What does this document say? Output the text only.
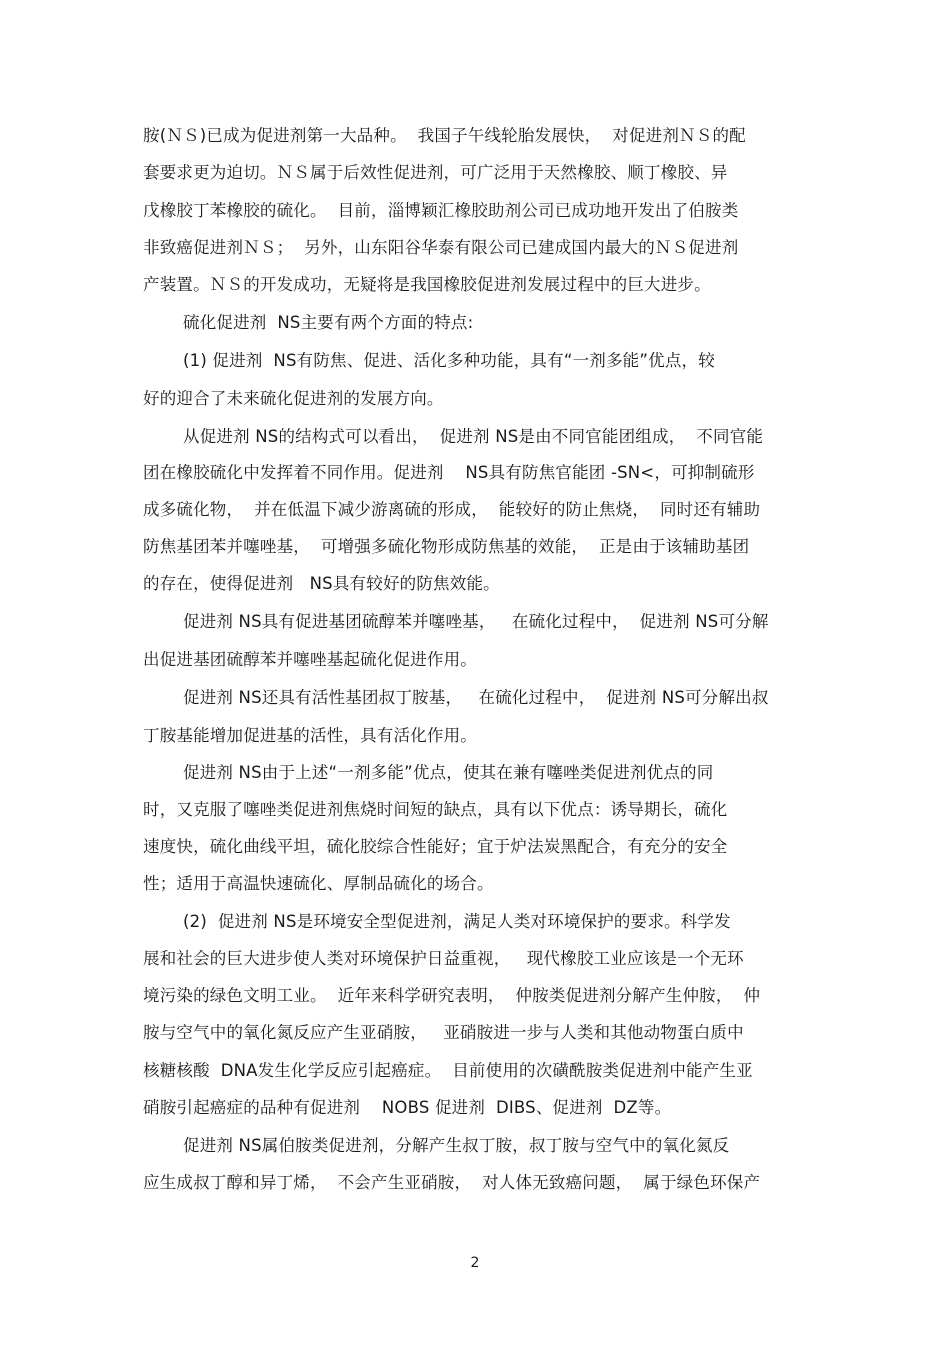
胺(ＮＳ)已成为促进剂第一大品种。  我国子午线轮胎发展快，  对促进剂ＮＳ的配

套要求更为迫切。ＮＳ属于后效性促进剂，可广泛用于天然橡胶、顺丁橡胶、异

戊橡胶丁苯橡胶的硫化。  目前，淄博颖汇橡胶助剂公司已成功地开发出了伯胺类

非致癌促进剂ＮＳ；  另外，山东阳谷华泰有限公司已建成国内最大的ＮＳ促进剂

产装置。ＮＳ的开发成功，无疑将是我国橡胶促进剂发展过程中的巨大进步。

硫化促进剂  NS主要有两个方面的特点:

(1) 促进剂  NS有防焦、促进、活化多种功能，具有“一剂多能”优点，较

好的迎合了未来硫化促进剂的发展方向。

从促进剂 NS的结构式可以看出，  促进剂 NS是由不同官能团组成，  不同官能

团在橡胶硫化中发挥着不同作用。促进剂    NS具有防焦官能团 -SN<，可抑制硫形

成多硫化物，  并在低温下减少游离硫的形成，  能较好的防止焦烧，  同时还有辅助

防焦基团苯并噻唑基，  可增强多硫化物形成防焦基的效能，  正是由于该辅助基团

的存在，使得促进剂   NS具有较好的防焦效能。

促进剂 NS具有促进基团硫醇苯并噻唑基，   在硫化过程中，  促进剂 NS可分解

出促进基团硫醇苯并噻唑基起硫化促进作用。

促进剂 NS还具有活性基团叔丁胺基，   在硫化过程中，  促进剂 NS可分解出叔

丁胺基能增加促进基的活性，具有活化作用。

促进剂 NS由于上述“一剂多能”优点，使其在兼有噻唑类促进剂优点的同

时，又克服了噻唑类促进剂焦烧时间短的缺点，具有以下优点：诱导期长，硫化

速度快，硫化曲线平坦，硫化胶综合性能好；宜于炉法炭黑配合，有充分的安全

性；适用于高温快速硫化、厚制品硫化的场合。

(2)  促进剂 NS是环境安全型促进剂，满足人类对环境保护的要求。科学发

展和社会的巨大进步使人类对环境保护日益重视，   现代橡胶工业应该是一个无环

境污染的绿色文明工业。  近年来科学研究表明，  仲胺类促进剂分解产生仲胺，  仲

胺与空气中的氧化氮反应产生亚硝胺，   亚硝胺进一步与人类和其他动物蛋白质中

核糖核酸  DNA发生化学反应引起癌症。  目前使用的次磺酰胺类促进剂中能产生亚

硝胺引起癌症的品种有促进剂    NOBS 促进剂  DIBS、促进剂  DZ等。

促进剂 NS属伯胺类促进剂，分解产生叔丁胺，叔丁胺与空气中的氧化氮反

应生成叔丁醇和异丁烯，  不会产生亚硝胺，  对人体无致癌问题，  属于绿色环保产

2
